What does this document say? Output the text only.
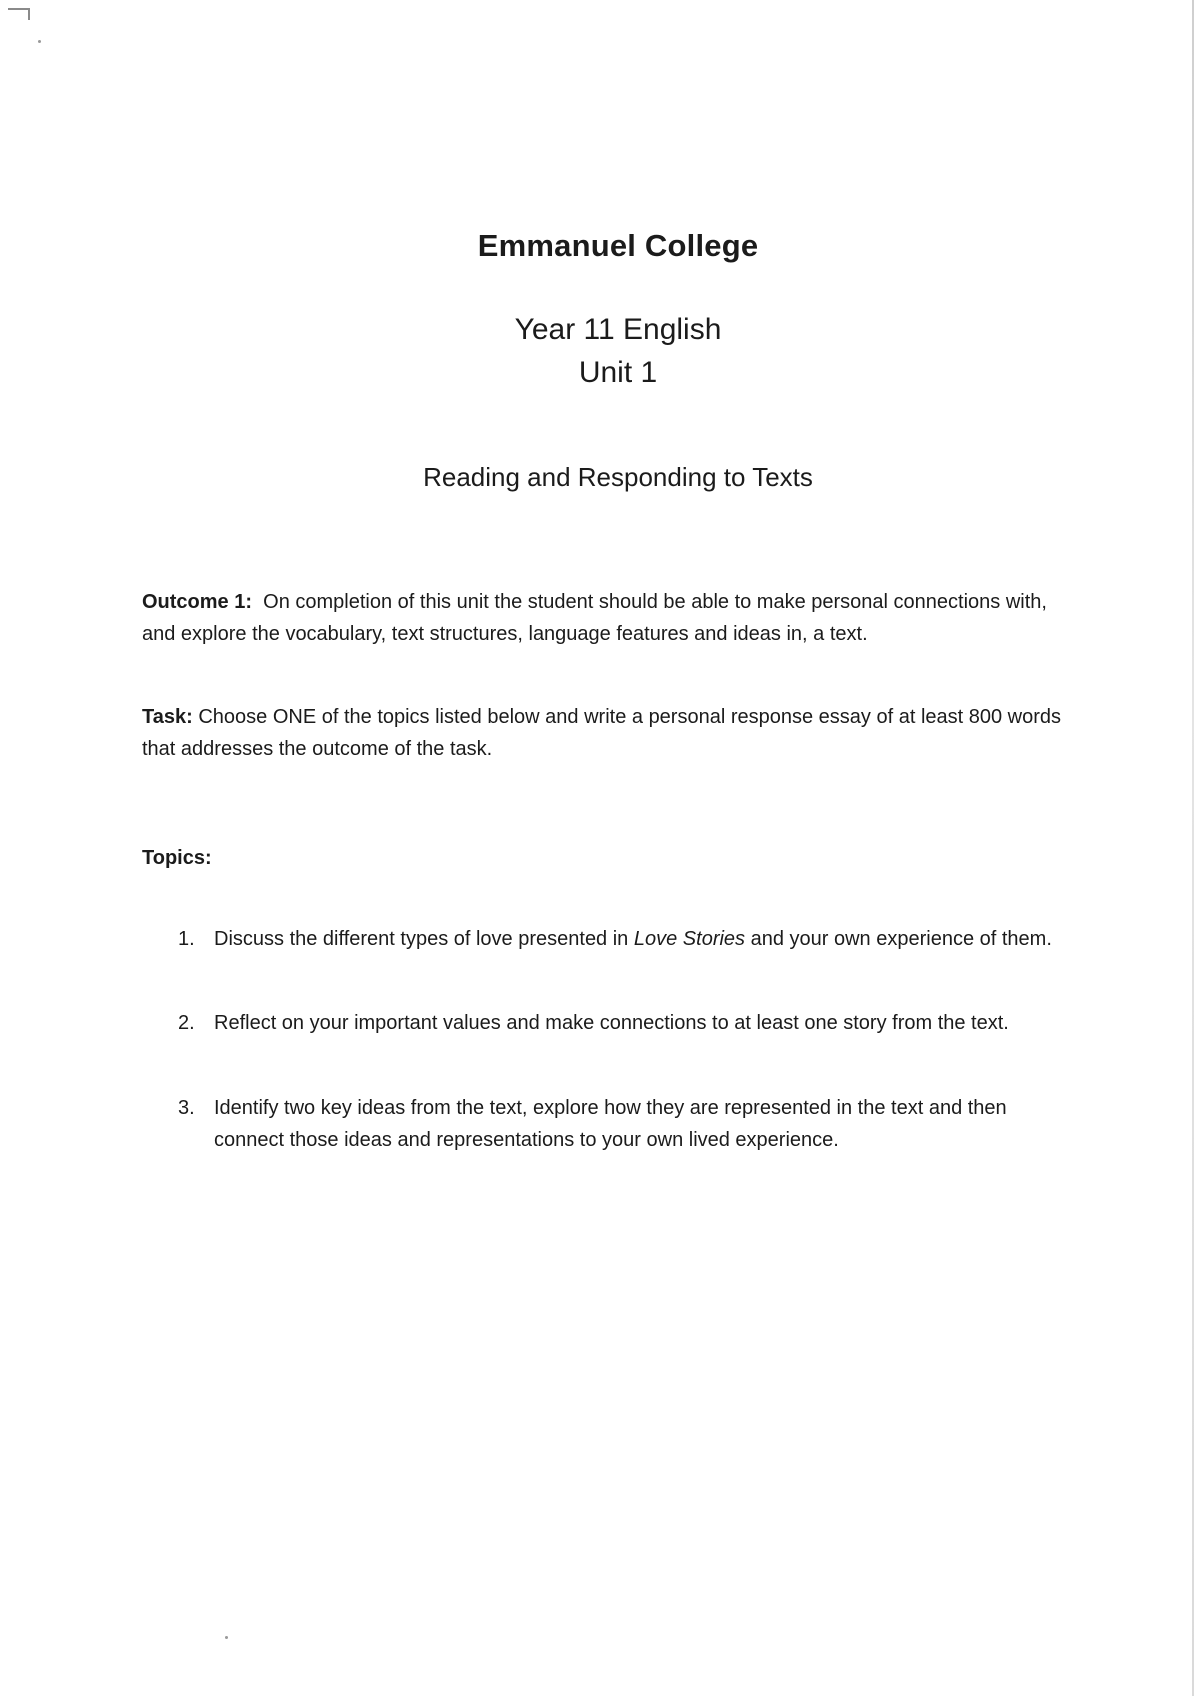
Emmanuel College
Year 11 English
Unit 1
Reading and Responding to Texts
Outcome 1: On completion of this unit the student should be able to make personal connections with, and explore the vocabulary, text structures, language features and ideas in, a text.
Task: Choose ONE of the topics listed below and write a personal response essay of at least 800 words that addresses the outcome of the task.
Topics:
1. Discuss the different types of love presented in Love Stories and your own experience of them.
2. Reflect on your important values and make connections to at least one story from the text.
3. Identify two key ideas from the text, explore how they are represented in the text and then connect those ideas and representations to your own lived experience.
